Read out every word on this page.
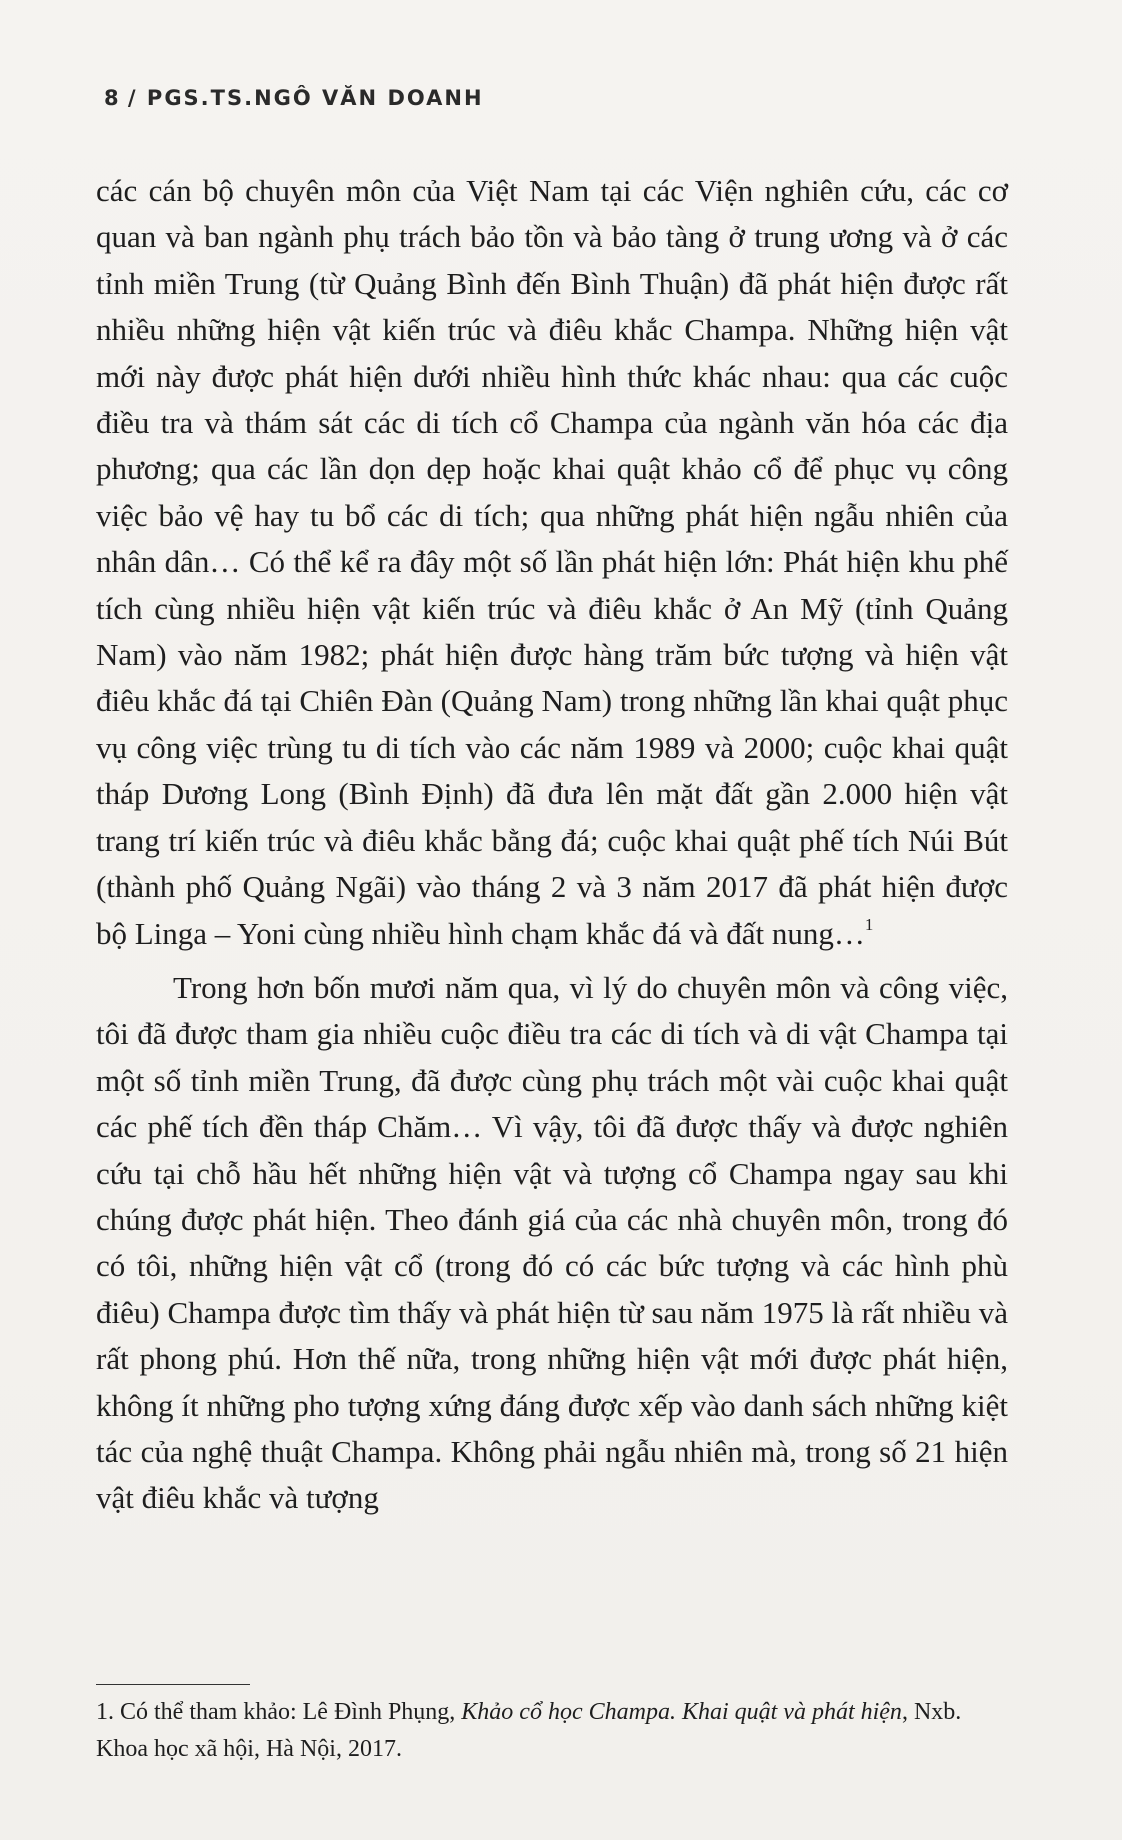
8 / PGS.TS.NGÔ VĂN DOANH

các cán bộ chuyên môn của Việt Nam tại các Viện nghiên cứu, các cơ quan và ban ngành phụ trách bảo tồn và bảo tàng ở trung ương và ở các tỉnh miền Trung (từ Quảng Bình đến Bình Thuận) đã phát hiện được rất nhiều những hiện vật kiến trúc và điêu khắc Champa. Những hiện vật mới này được phát hiện dưới nhiều hình thức khác nhau: qua các cuộc điều tra và thám sát các di tích cổ Champa của ngành văn hóa các địa phương; qua các lần dọn dẹp hoặc khai quật khảo cổ để phục vụ công việc bảo vệ hay tu bổ các di tích; qua những phát hiện ngẫu nhiên của nhân dân… Có thể kể ra đây một số lần phát hiện lớn: Phát hiện khu phế tích cùng nhiều hiện vật kiến trúc và điêu khắc ở An Mỹ (tỉnh Quảng Nam) vào năm 1982; phát hiện được hàng trăm bức tượng và hiện vật điêu khắc đá tại Chiên Đàn (Quảng Nam) trong những lần khai quật phục vụ công việc trùng tu di tích vào các năm 1989 và 2000; cuộc khai quật tháp Dương Long (Bình Định) đã đưa lên mặt đất gần 2.000 hiện vật trang trí kiến trúc và điêu khắc bằng đá; cuộc khai quật phế tích Núi Bút (thành phố Quảng Ngãi) vào tháng 2 và 3 năm 2017 đã phát hiện được bộ Linga – Yoni cùng nhiều hình chạm khắc đá và đất nung…$^1$

Trong hơn bốn mươi năm qua, vì lý do chuyên môn và công việc, tôi đã được tham gia nhiều cuộc điều tra các di tích và di vật Champa tại một số tỉnh miền Trung, đã được cùng phụ trách một vài cuộc khai quật các phế tích đền tháp Chăm… Vì vậy, tôi đã được thấy và được nghiên cứu tại chỗ hầu hết những hiện vật và tượng cổ Champa ngay sau khi chúng được phát hiện. Theo đánh giá của các nhà chuyên môn, trong đó có tôi, những hiện vật cổ (trong đó có các bức tượng và các hình phù điêu) Champa được tìm thấy và phát hiện từ sau năm 1975 là rất nhiều và rất phong phú. Hơn thế nữa, trong những hiện vật mới được phát hiện, không ít những pho tượng xứng đáng được xếp vào danh sách những kiệt tác của nghệ thuật Champa. Không phải ngẫu nhiên mà, trong số 21 hiện vật điêu khắc và tượng

1. Có thể tham khảo: Lê Đình Phụng, Khảo cổ học Champa. Khai quật và phát hiện, Nxb. Khoa học xã hội, Hà Nội, 2017.
